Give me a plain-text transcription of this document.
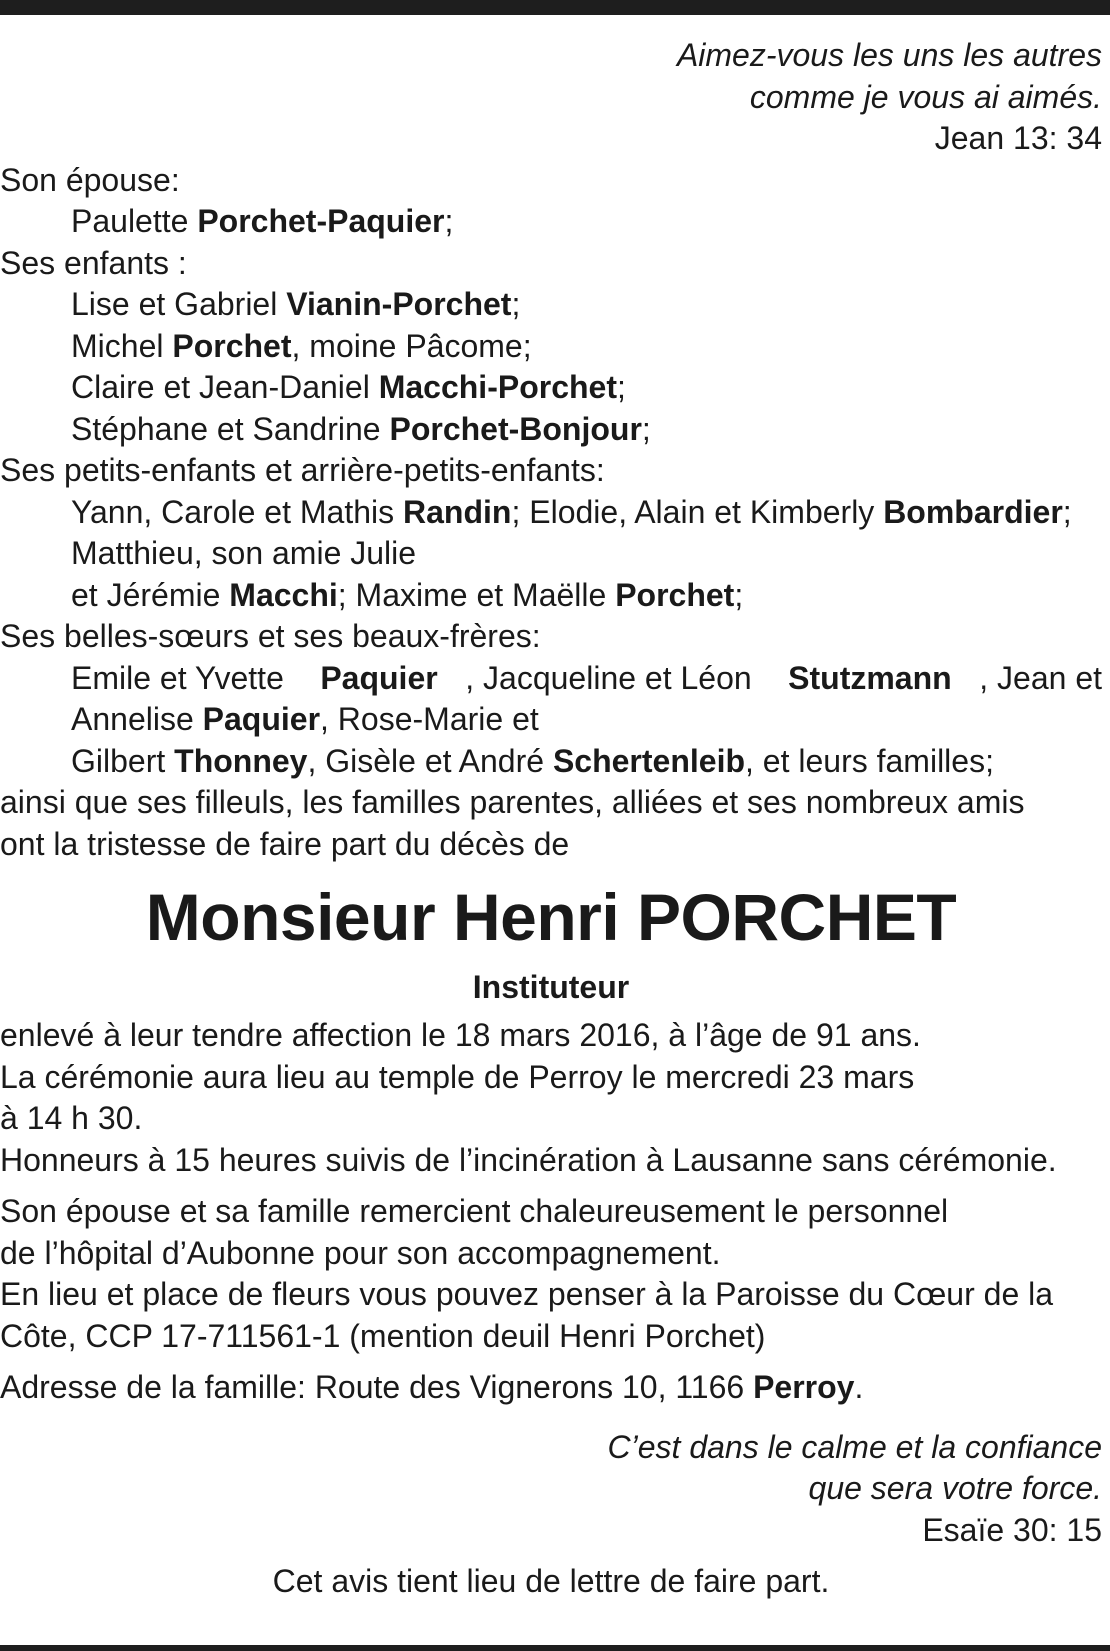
Aimez-vous les uns les autres
comme je vous ai aimés.
Jean 13: 34
Son épouse:
Paulette Porchet-Paquier;
Ses enfants :
Lise et Gabriel Vianin-Porchet;
Michel Porchet, moine Pâcome;
Claire et Jean-Daniel Macchi-Porchet;
Stéphane et Sandrine Porchet-Bonjour;
Ses petits-enfants et arrière-petits-enfants:
Yann, Carole et Mathis Randin; Elodie, Alain et Kimberly Bombardier;
Matthieu, son amie Julie
et Jérémie Macchi; Maxime et Maëlle Porchet;
Ses belles-sœurs et ses beaux-frères:
Emile et Yvette Paquier , Jacqueline et Léon Stutzmann , Jean et
Annelise Paquier, Rose-Marie et
Gilbert Thonney, Gisèle et André Schertenleib, et leurs familles;
ainsi que ses filleuls, les familles parentes, alliées et ses nombreux amis
ont la tristesse de faire part du décès de
Monsieur Henri PORCHET
Instituteur
enlevé à leur tendre affection le 18 mars 2016, à l’âge de 91 ans.
La cérémonie aura lieu au temple de Perroy le mercredi 23 mars
à 14 h 30.
Honneurs à 15 heures suivis de l’incinération à Lausanne sans cérémonie.
Son épouse et sa famille remercient chaleureusement le personnel
de l’hôpital d’Aubonne pour son accompagnement.
En lieu et place de fleurs vous pouvez penser à la Paroisse du Cœur de la
Côte, CCP 17-711561-1 (mention deuil Henri Porchet)
Adresse de la famille: Route des Vignerons 10, 1166 Perroy.
C’est dans le calme et la confiance
que sera votre force.
Esaïe 30: 15
Cet avis tient lieu de lettre de faire part.
